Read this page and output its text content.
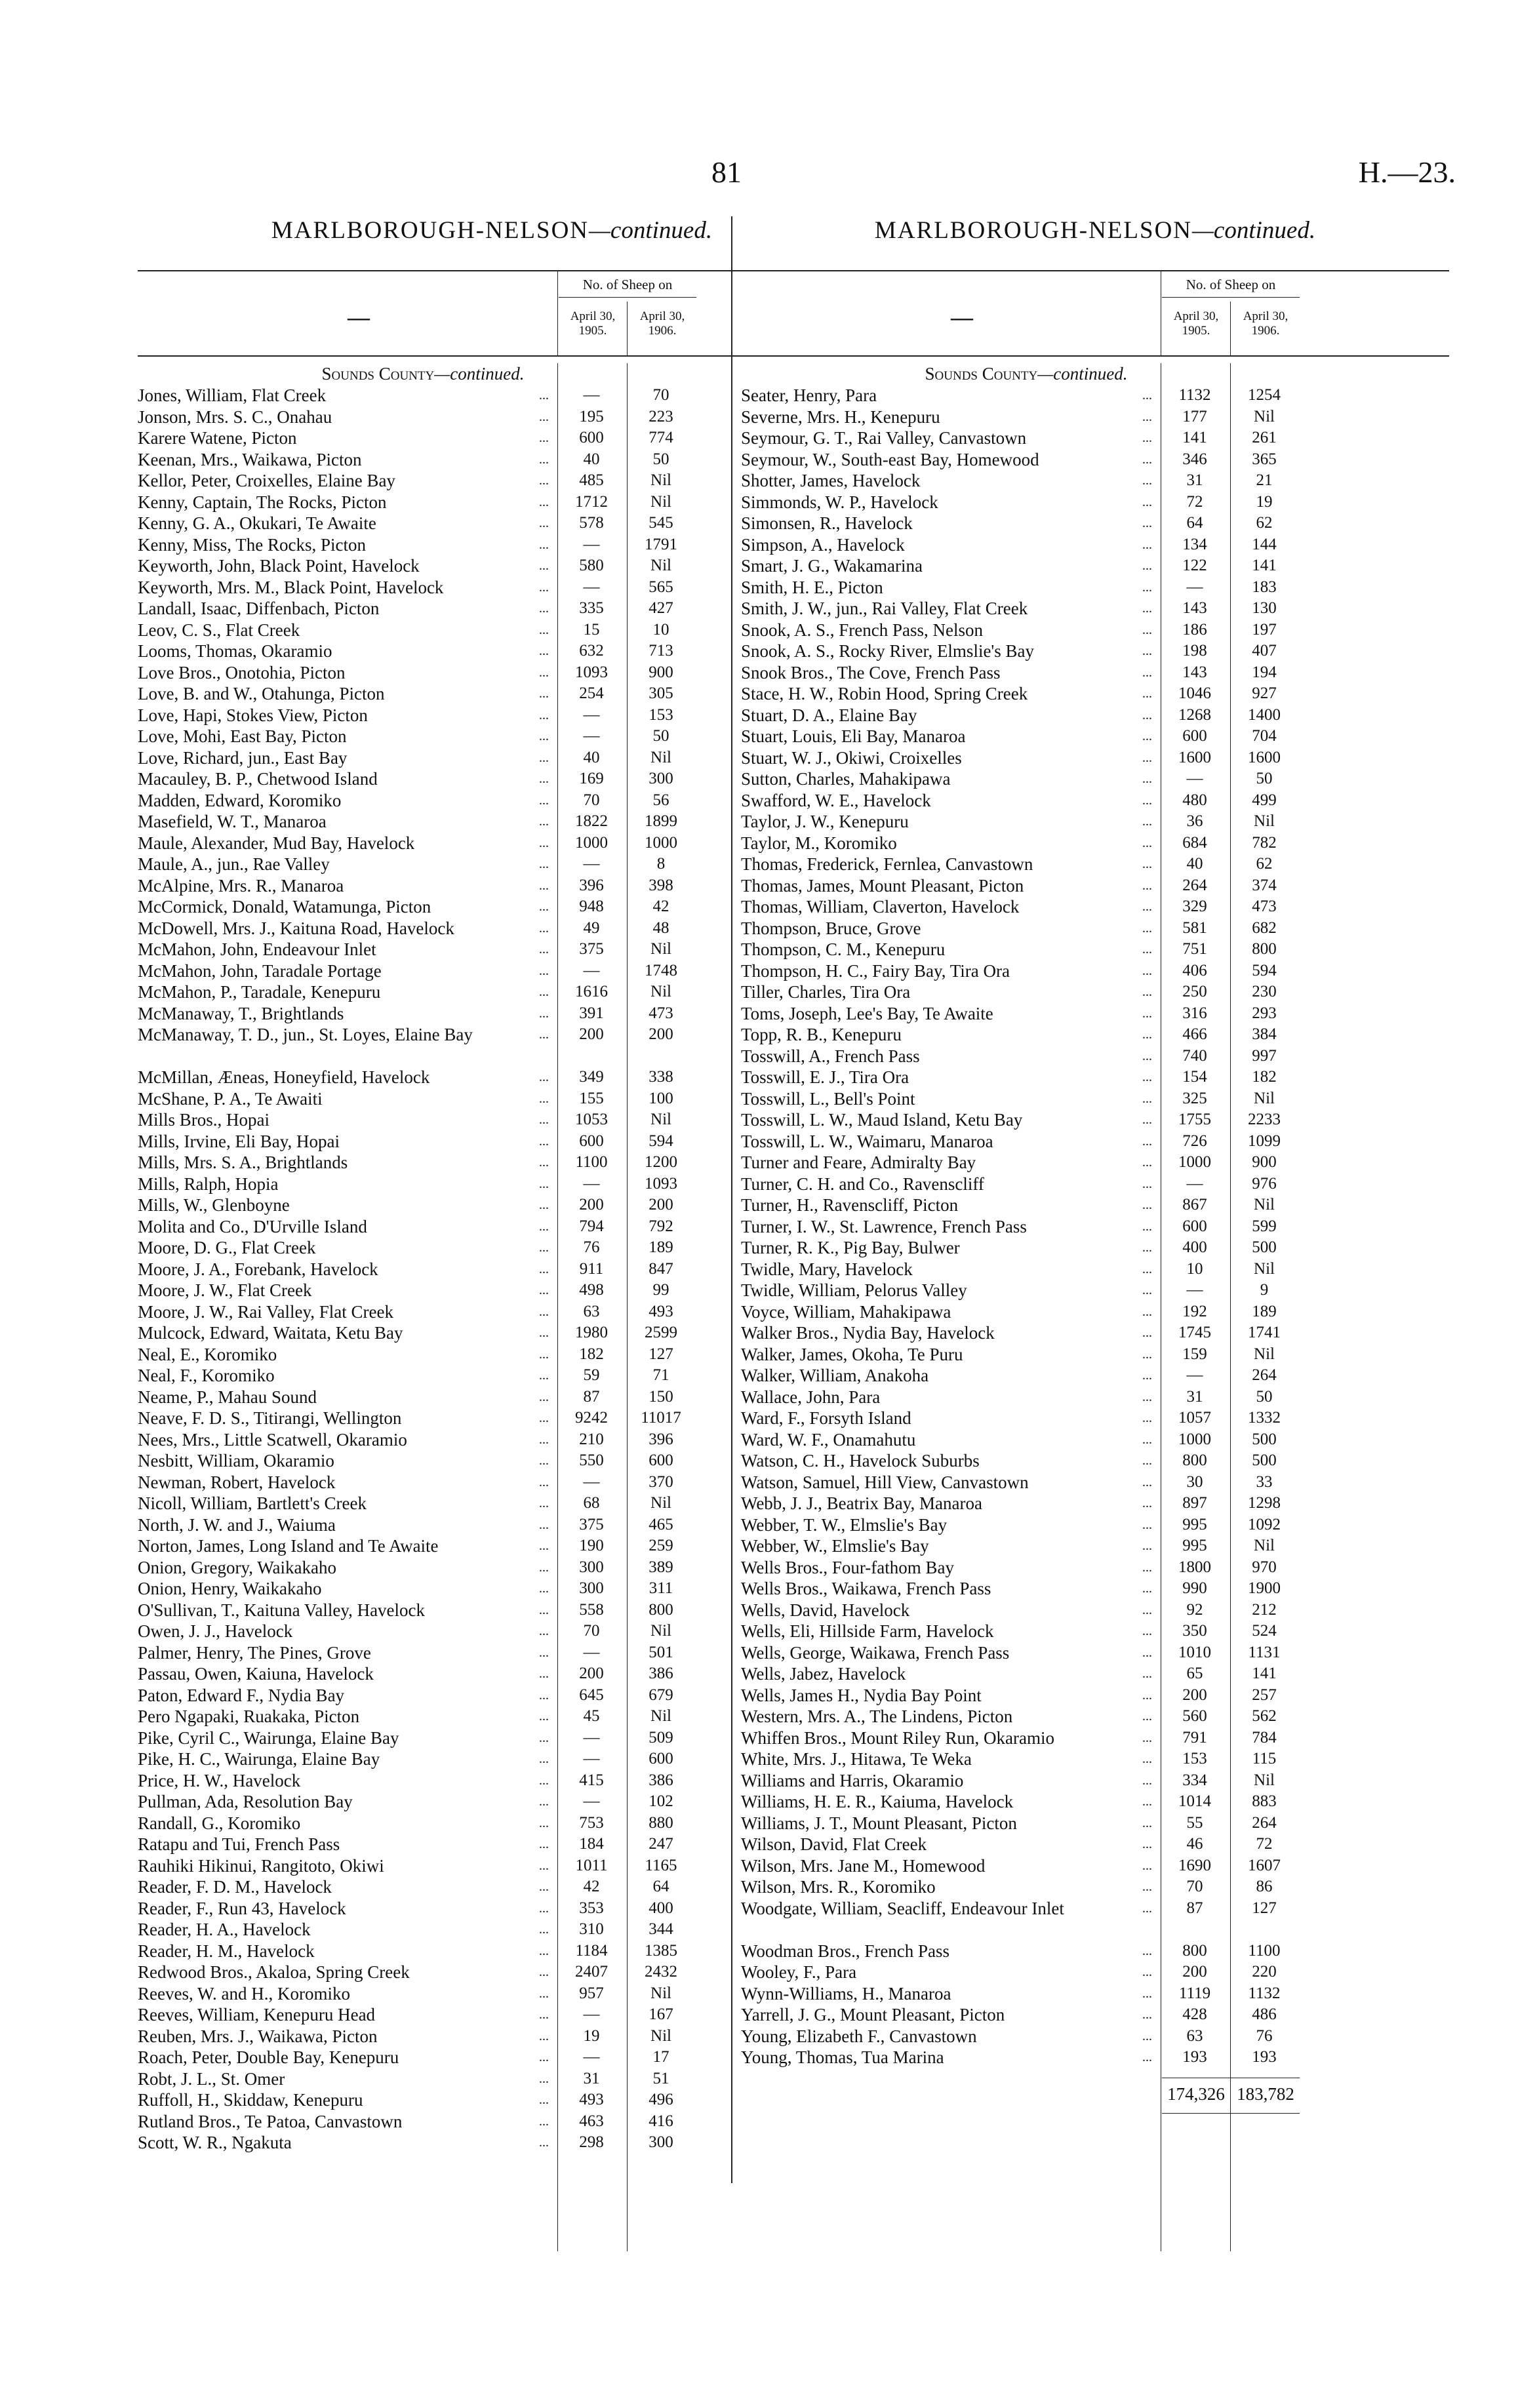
81	H.—23.
MARLBOROUGH-NELSON—continued.
—
No. of Sheep on
April 30, 1905.
April 30, 1906.
Sounds County—continued.
Jones, William, Flat Creek	...	—	70
Jonson, Mrs. S. C., Onahau	...	195	223
Karere Watene, Picton	...	600	774
Keenan, Mrs., Waikawa, Picton	...	40	50
Kellor, Peter, Croixelles, Elaine Bay	...	485	Nil
Kenny, Captain, The Rocks, Picton	...	1712	Nil
Kenny, G. A., Okukari, Te Awaite	...	578	545
Kenny, Miss, The Rocks, Picton	...	—	1791
Keyworth, John, Black Point, Havelock	...	580	Nil
Keyworth, Mrs. M., Black Point, Havelock	...	—	565
Landall, Isaac, Diffenbach, Picton	...	335	427
Leov, C. S., Flat Creek	...	15	10
Looms, Thomas, Okaramio	...	632	713
Love Bros., Onotohia, Picton	...	1093	900
Love, B. and W., Otahunga, Picton	...	254	305
Love, Hapi, Stokes View, Picton	...	—	153
Love, Mohi, East Bay, Picton	...	—	50
Love, Richard, jun., East Bay	...	40	Nil
Macauley, B. P., Chetwood Island	...	169	300
Madden, Edward, Koromiko	...	70	56
Masefield, W. T., Manaroa	...	1822	1899
Maule, Alexander, Mud Bay, Havelock	...	1000	1000
Maule, A., jun., Rae Valley	...	—	8
McAlpine, Mrs. R., Manaroa	...	396	398
McCormick, Donald, Watamunga, Picton	...	948	42
McDowell, Mrs. J., Kaituna Road, Havelock	...	49	48
McMahon, John, Endeavour Inlet	...	375	Nil
McMahon, John, Taradale Portage	...	—	1748
McMahon, P., Taradale, Kenepuru	...	1616	Nil
McManaway, T., Brightlands	...	391	473
McManaway, T. D., jun., St. Loyes, Elaine Bay	...	200	200
McMillan, Æneas, Honeyfield, Havelock	...	349	338
McShane, P. A., Te Awaiti	...	155	100
Mills Bros., Hopai	...	1053	Nil
Mills, Irvine, Eli Bay, Hopai	...	600	594
Mills, Mrs. S. A., Brightlands	...	1100	1200
Mills, Ralph, Hopia	...	—	1093
Mills, W., Glenboyne	...	200	200
Molita and Co., D'Urville Island	...	794	792
Moore, D. G., Flat Creek	...	76	189
Moore, J. A., Forebank, Havelock	...	911	847
Moore, J. W., Flat Creek	...	498	99
Moore, J. W., Rai Valley, Flat Creek	...	63	493
Mulcock, Edward, Waitata, Ketu Bay	...	1980	2599
Neal, E., Koromiko	...	182	127
Neal, F., Koromiko	...	59	71
Neame, P., Mahau Sound	...	87	150
Neave, F. D. S., Titirangi, Wellington	...	9242	11017
Nees, Mrs., Little Scatwell, Okaramio	...	210	396
Nesbitt, William, Okaramio	...	550	600
Newman, Robert, Havelock	...	—	370
Nicoll, William, Bartlett's Creek	...	68	Nil
North, J. W. and J., Waiuma	...	375	465
Norton, James, Long Island and Te Awaite	...	190	259
Onion, Gregory, Waikakaho	...	300	389
Onion, Henry, Waikakaho	...	300	311
O'Sullivan, T., Kaituna Valley, Havelock	...	558	800
Owen, J. J., Havelock	...	70	Nil
Palmer, Henry, The Pines, Grove	...	—	501
Passau, Owen, Kaiuna, Havelock	...	200	386
Paton, Edward F., Nydia Bay	...	645	679
Pero Ngapaki, Ruakaka, Picton	...	45	Nil
Pike, Cyril C., Wairunga, Elaine Bay	...	—	509
Pike, H. C., Wairunga, Elaine Bay	...	—	600
Price, H. W., Havelock	...	415	386
Pullman, Ada, Resolution Bay	...	—	102
Randall, G., Koromiko	...	753	880
Ratapu and Tui, French Pass	...	184	247
Rauhiki Hikinui, Rangitoto, Okiwi	...	1011	1165
Reader, F. D. M., Havelock	...	42	64
Reader, F., Run 43, Havelock	...	353	400
Reader, H. A., Havelock	...	310	344
Reader, H. M., Havelock	...	1184	1385
Redwood Bros., Akaloa, Spring Creek	...	2407	2432
Reeves, W. and H., Koromiko	...	957	Nil
Reeves, William, Kenepuru Head	...	—	167
Reuben, Mrs. J., Waikawa, Picton	...	19	Nil
Roach, Peter, Double Bay, Kenepuru	...	—	17
Robt, J. L., St. Omer	...	31	51
Ruffoll, H., Skiddaw, Kenepuru	...	493	496
Rutland Bros., Te Patoa, Canvastown	...	463	416
Scott, W. R., Ngakuta	...	298	300
MARLBOROUGH-NELSON—continued.
—
No. of Sheep on
April 30, 1905.
April 30, 1906.
Sounds County—continued.
Seater, Henry, Para	...	1132	1254
Severne, Mrs. H., Kenepuru	...	177	Nil
Seymour, G. T., Rai Valley, Canvastown	...	141	261
Seymour, W., South-east Bay, Homewood	...	346	365
Shotter, James, Havelock	...	31	21
Simmonds, W. P., Havelock	...	72	19
Simonsen, R., Havelock	...	64	62
Simpson, A., Havelock	...	134	144
Smart, J. G., Wakamarina	...	122	141
Smith, H. E., Picton	...	—	183
Smith, J. W., jun., Rai Valley, Flat Creek	...	143	130
Snook, A. S., French Pass, Nelson	...	186	197
Snook, A. S., Rocky River, Elmslie's Bay	...	198	407
Snook Bros., The Cove, French Pass	...	143	194
Stace, H. W., Robin Hood, Spring Creek	...	1046	927
Stuart, D. A., Elaine Bay	...	1268	1400
Stuart, Louis, Eli Bay, Manaroa	...	600	704
Stuart, W. J., Okiwi, Croixelles	...	1600	1600
Sutton, Charles, Mahakipawa	...	—	50
Swafford, W. E., Havelock	...	480	499
Taylor, J. W., Kenepuru	...	36	Nil
Taylor, M., Koromiko	...	684	782
Thomas, Frederick, Fernlea, Canvastown	...	40	62
Thomas, James, Mount Pleasant, Picton	...	264	374
Thomas, William, Claverton, Havelock	...	329	473
Thompson, Bruce, Grove	...	581	682
Thompson, C. M., Kenepuru	...	751	800
Thompson, H. C., Fairy Bay, Tira Ora	...	406	594
Tiller, Charles, Tira Ora	...	250	230
Toms, Joseph, Lee's Bay, Te Awaite	...	316	293
Topp, R. B., Kenepuru	...	466	384
Tosswill, A., French Pass	...	740	997
Tosswill, E. J., Tira Ora	...	154	182
Tosswill, L., Bell's Point	...	325	Nil
Tosswill, L. W., Maud Island, Ketu Bay	...	1755	2233
Tosswill, L. W., Waimaru, Manaroa	...	726	1099
Turner and Feare, Admiralty Bay	...	1000	900
Turner, C. H. and Co., Ravenscliff	...	—	976
Turner, H., Ravenscliff, Picton	...	867	Nil
Turner, I. W., St. Lawrence, French Pass	...	600	599
Turner, R. K., Pig Bay, Bulwer	...	400	500
Twidle, Mary, Havelock	...	10	Nil
Twidle, William, Pelorus Valley	...	—	9
Voyce, William, Mahakipawa	...	192	189
Walker Bros., Nydia Bay, Havelock	...	1745	1741
Walker, James, Okoha, Te Puru	...	159	Nil
Walker, William, Anakoha	...	—	264
Wallace, John, Para	...	31	50
Ward, F., Forsyth Island	...	1057	1332
Ward, W. F., Onamahutu	...	1000	500
Watson, C. H., Havelock Suburbs	...	800	500
Watson, Samuel, Hill View, Canvastown	...	30	33
Webb, J. J., Beatrix Bay, Manaroa	...	897	1298
Webber, T. W., Elmslie's Bay	...	995	1092
Webber, W., Elmslie's Bay	...	995	Nil
Wells Bros., Four-fathom Bay	...	1800	970
Wells Bros., Waikawa, French Pass	...	990	1900
Wells, David, Havelock	...	92	212
Wells, Eli, Hillside Farm, Havelock	...	350	524
Wells, George, Waikawa, French Pass	...	1010	1131
Wells, Jabez, Havelock	...	65	141
Wells, James H., Nydia Bay Point	...	200	257
Western, Mrs. A., The Lindens, Picton	...	560	562
Whiffen Bros., Mount Riley Run, Okaramio	...	791	784
White, Mrs. J., Hitawa, Te Weka	...	153	115
Williams and Harris, Okaramio	...	334	Nil
Williams, H. E. R., Kaiuma, Havelock	...	1014	883
Williams, J. T., Mount Pleasant, Picton	...	55	264
Wilson, David, Flat Creek	...	46	72
Wilson, Mrs. Jane M., Homewood	...	1690	1607
Wilson, Mrs. R., Koromiko	...	70	86
Woodgate, William, Seacliff, Endeavour Inlet	...	87	127
Woodman Bros., French Pass	...	800	1100
Wooley, F., Para	...	200	220
Wynn-Williams, H., Manaroa	...	1119	1132
Yarrell, J. G., Mount Pleasant, Picton	...	428	486
Young, Elizabeth F., Canvastown	...	63	76
Young, Thomas, Tua Marina	...	193	193
174,326 183,782
